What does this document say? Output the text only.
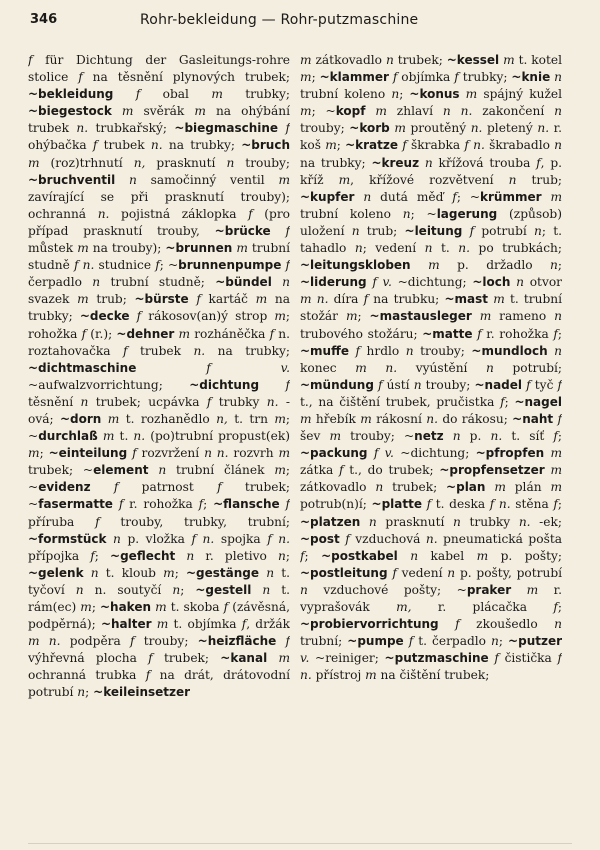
346	Rohr-bekleidung — Rohr-putzmaschine

f für Dichtung der Gasleitungs-rohre stolice f na těsnění plynových trubek; ~bekleidung f obal m trubky; ~biegestock m svěrák m na ohýbání trubek n. trubkařský; ~biegmaschine f ohýbačka f trubek n. na trubky; ~bruch m (roz)trhnutí n, prasknutí n trouby; ~bruchventil n samočinný ventil m zavírající se při prasknutí trouby); ochranná n. pojistná záklopka f (pro případ prasknutí trouby, ~brücke f můstek m na trouby); ~brunnen m trubní studně f n. studnice f; ~brunnenpumpe f čerpadlo n trubní studně; ~bündel n svazek m trub; ~bürste f kartáč m na trubky; ~decke f rákosov(an)ý strop m; rohožka f (r.); ~dehner m rozháněčka f n. roztahovačka f trubek n. na trubky; ~dichtmaschine	f v. ~aufwalzvorrichtung; ~dichtung f těsnění n trubek; ucpávka f trubky n. -ová; ~dorn m t. rozhanědlo n, t. trn m; ~durchlaß m t. n. (po)trubní propust(ek) m; ~einteilung f rozvržení n n. rozvrh m trubek; ~element n trubní článek m; ~evidenz f patrnost f trubek; ~fasermatte f r. rohožka f; ~flansche f příruba f trouby, trubky, trubní; ~formstück n p. vložka f n. spojka f n. přípojka f; ~geflecht n r. pletivo n; ~gelenk n t. kloub m; ~gestänge n t. tyčoví n n. soutyčí n; ~gestell n t. rám(ec) m; ~haken m t. skoba f (závěsná, podpěrná); ~halter m t. objímka f, držák m n. podpěra f trouby; ~heizfläche f výhřevná plocha f trubek; ~kanal m ochranná trubka f na drát, drátovodní potrubí n; ~keileinsetzer

m zátkovadlo n trubek; ~kessel m t. kotel m; ~klammer f objímka f trubky; ~knie n trubní koleno n; ~konus m spájný kužel m; ~kopf m zhlaví n n. zakončení n trouby; ~korb m proutěný n. pletený n. r. koš m; ~kratze f škrabka f n. škrabadlo n na trubky; ~kreuz n křížová trouba f, p. kříž m, křížové rozvětvení n trub; ~kupfer n dutá měď f; ~krümmer m trubní koleno n; ~lagerung (způsob) uložení n trub; ~leitung f potrubí n; t. tahadlo n; vedení n t. n. po trubkách; ~leitungskloben m p. držadlo n; ~liderung f v. ~dichtung; ~loch n otvor m n. díra f na trubku; ~mast m t. trubní stožár m; ~mastausleger m rameno n trubového stožáru; ~matte f r. rohožka f; ~muffe f hrdlo n trouby; ~mundloch n konec m n. vyústění n potrubí; ~mündung f ústí n trouby; ~nadel f tyč f t., na čištění trubek, pručistka f; ~nagel m hřebík m rákosní n. do rákosu; ~naht f šev m trouby; ~netz n p. n. t. síť f; ~packung f v. ~dichtung; ~pfropfen m zátka f t., do trubek; ~propfensetzer m zátkovadlo n trubek; ~plan m plán m potrub(n)í; ~platte f t. deska f n. stěna f; ~platzen n prasknutí n trubky n. -ek; ~post f vzduchová n. pneumatická pošta f; ~postkabel n kabel m p. pošty; ~postleitung f vedení n p. pošty, potrubí n vzduchové pošty; ~praker m r. vyprašovák m, r. plácačka f; ~probiervorrichtung f zkoušedlo n trubní; ~pumpe f t. čerpadlo n; ~putzer v. ~reiniger; ~putzmaschine f čistička f n. přístroj m na čištění trubek;
